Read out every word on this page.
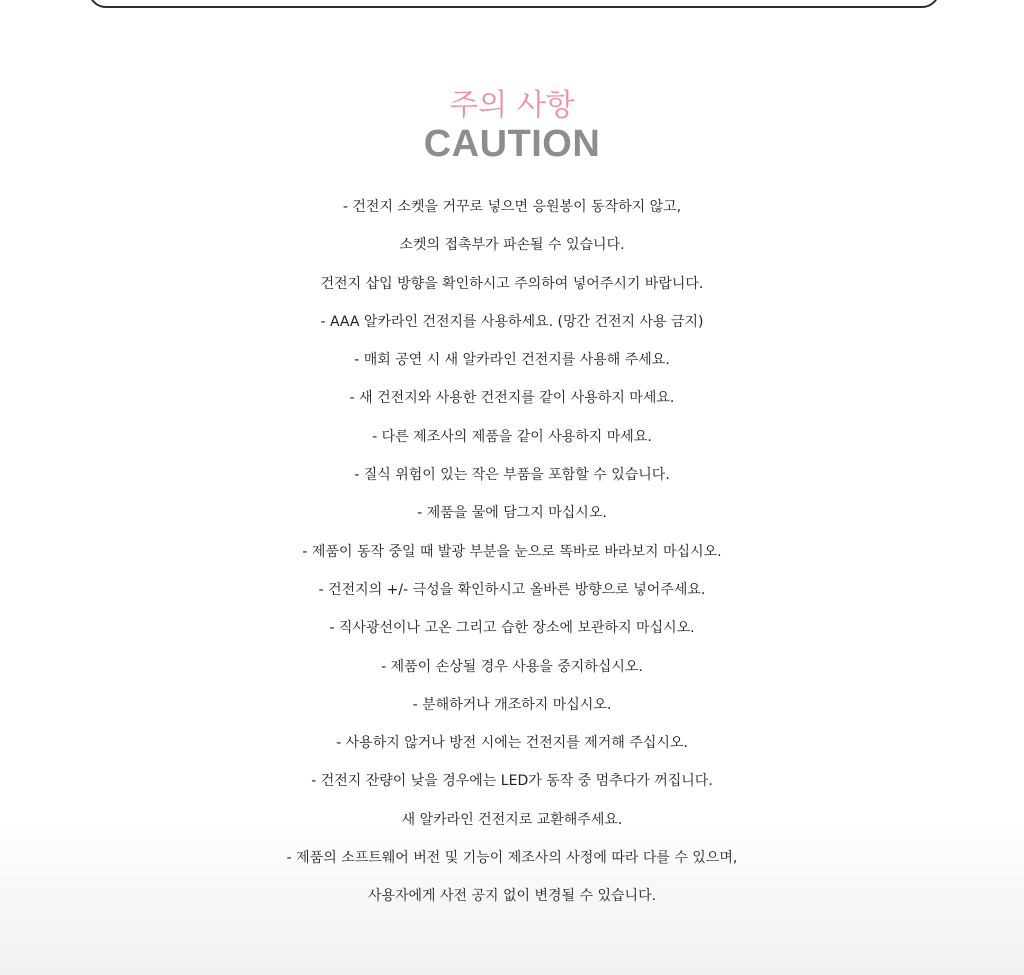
주의 사항
CAUTION
- 건전지 소켓을 거꾸로 넣으면 응원봉이 동작하지 않고,
소켓의 접촉부가 파손될 수 있습니다.
건전지 삽입 방향을 확인하시고 주의하여 넣어주시기 바랍니다.
- AAA 알카라인 건전지를 사용하세요. (망간 건전지 사용 금지)
- 매회 공연 시 새 알카라인 건전지를 사용해 주세요.
- 새 건전지와 사용한 건전지를 같이 사용하지 마세요.
- 다른 제조사의 제품을 같이 사용하지 마세요.
- 질식 위험이 있는 작은 부품을 포함할 수 있습니다.
- 제품을 물에 담그지 마십시오.
- 제품이 동작 중일 때 발광 부분을 눈으로 똑바로 바라보지 마십시오.
- 건전지의 +/- 극성을 확인하시고 올바른 방향으로 넣어주세요.
- 직사광선이나 고온 그리고 습한 장소에 보관하지 마십시오.
- 제품이 손상될 경우 사용을 중지하십시오.
- 분해하거나 개조하지 마십시오.
- 사용하지 않거나 방전 시에는 건전지를 제거해 주십시오.
- 건전지 잔량이 낮을 경우에는 LED가 동작 중 멈추다가 꺼집니다.
새 알카라인 건전지로 교환해주세요.
- 제품의 소프트웨어 버전 및 기능이 제조사의 사정에 따라 다를 수 있으며,
사용자에게 사전 공지 없이 변경될 수 있습니다.
